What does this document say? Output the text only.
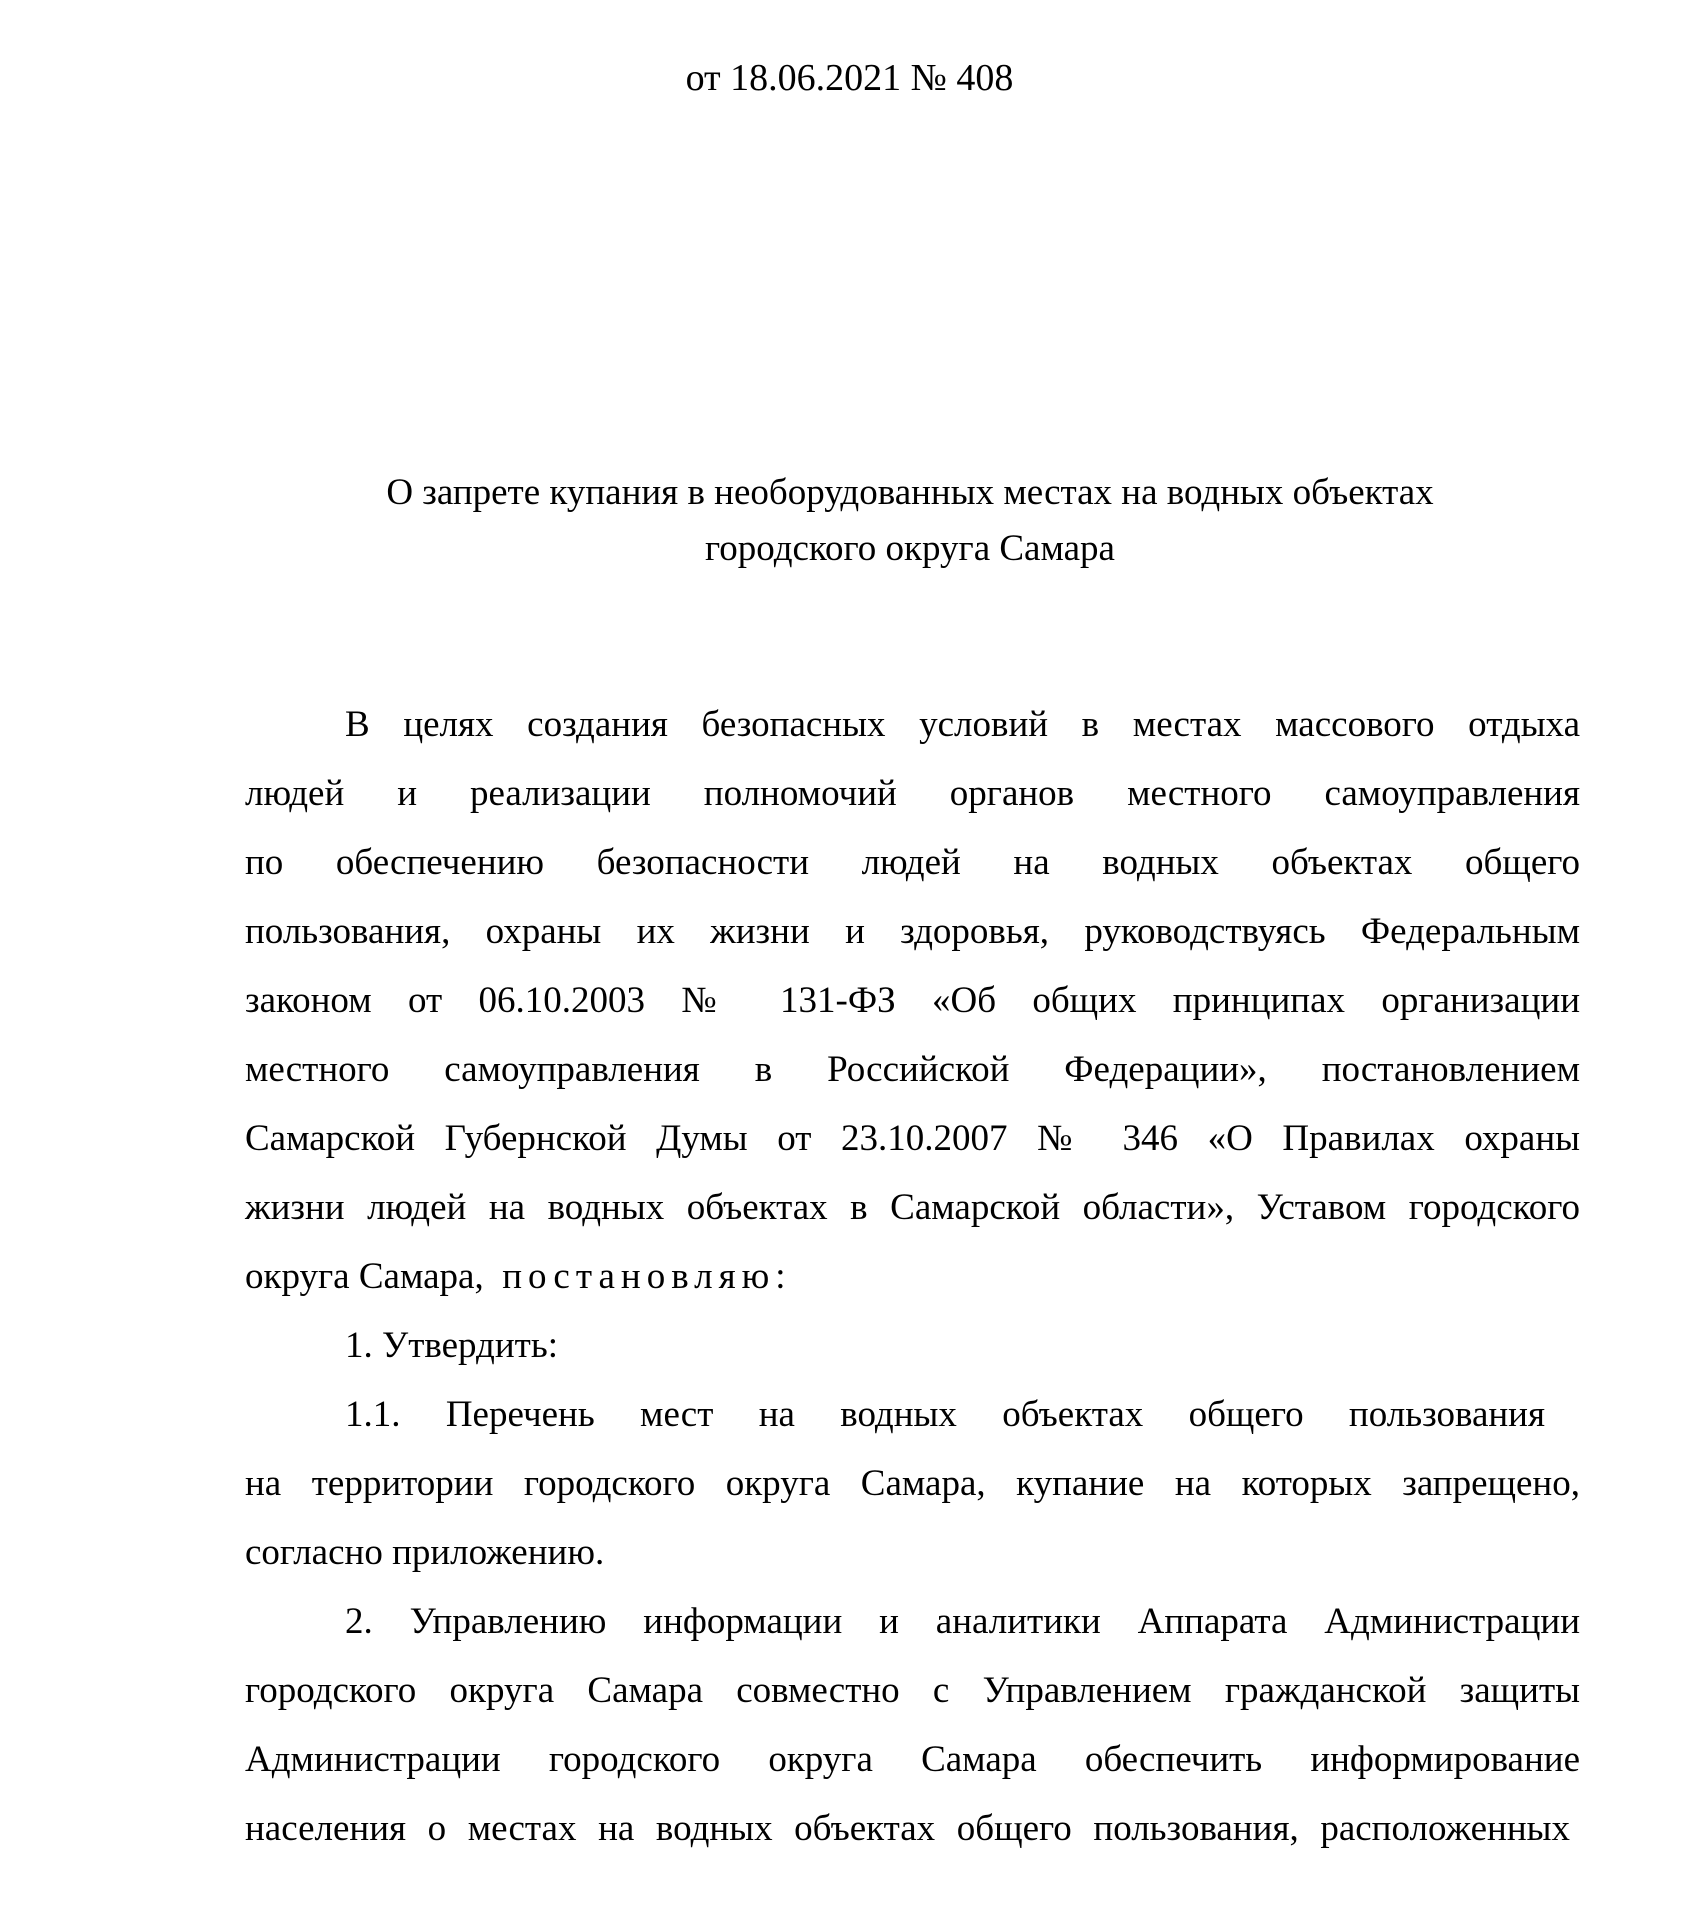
от 18.06.2021 № 408

О запрете купания в необорудованных местах на водных объектах
городского округа Самара
В целях создания безопасных условий в местах массового отдыха
людей и реализации полномочий органов местного самоуправления
по обеспечению безопасности людей на водных объектах общего
пользования, охраны их жизни и здоровья, руководствуясь Федеральным
законом от 06.10.2003 № 131-ФЗ «Об общих принципах организации
местного самоуправления в Российской Федерации», постановлением
Самарской Губернской Думы от 23.10.2007 № 346 «О Правилах охраны
жизни людей на водных объектах в Самарской области», Уставом городского
округа Самара, постановляю:
1. Утвердить:
1.1. Перечень мест на водных объектах общего пользования
на территории городского округа Самара, купание на которых запрещено,
согласно приложению.
2. Управлению информации и аналитики Аппарата Администрации
городского округа Самара совместно с Управлением гражданской защиты
Администрации городского округа Самара обеспечить информирование
населения о местах на водных объектах общего пользования, расположенных
